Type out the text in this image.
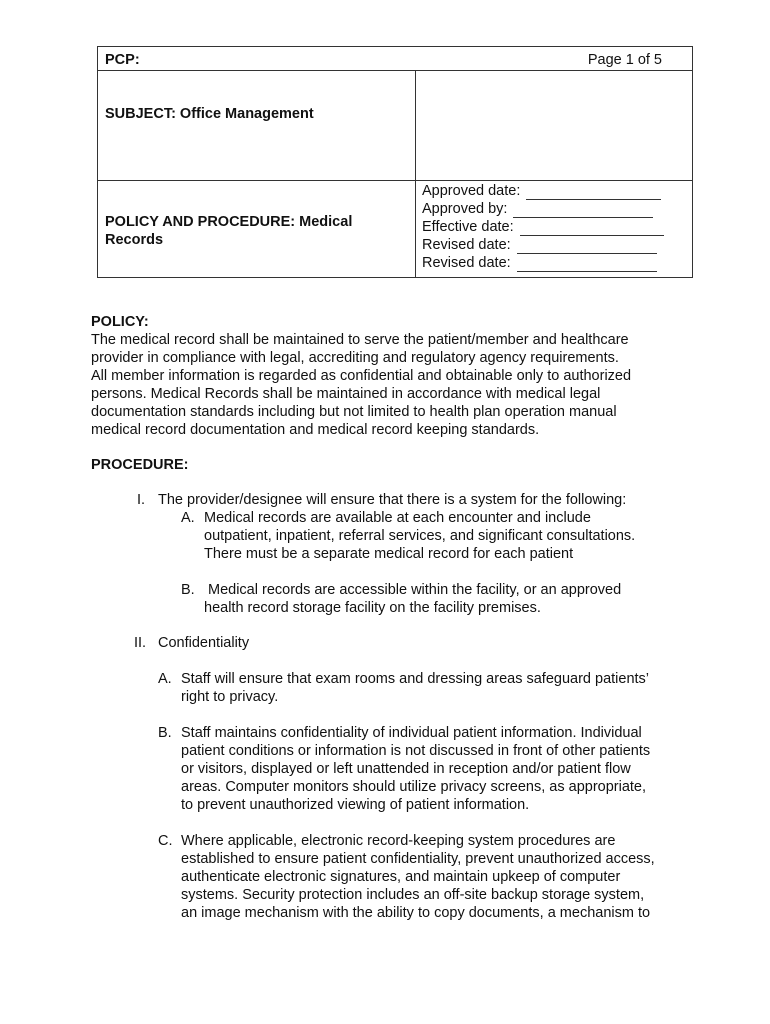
PCP:	Page 1 of 5
SUBJECT: Office Management
POLICY AND PROCEDURE: Medical Records
Approved date:
Approved by:
Effective date:
Revised date:
Revised date:
POLICY:
The medical record shall be maintained to serve the patient/member and healthcare
provider in compliance with legal, accrediting and regulatory agency requirements.
All member information is regarded as confidential and obtainable only to authorized
persons. Medical Records shall be maintained in accordance with medical legal
documentation standards including but not limited to health plan operation manual
medical record documentation and medical record keeping standards.
PROCEDURE:
I. The provider/designee will ensure that there is a system for the following:
A. Medical records are available at each encounter and include
outpatient, inpatient, referral services, and significant consultations.
There must be a separate medical record for each patient
B. Medical records are accessible within the facility, or an approved
health record storage facility on the facility premises.
II. Confidentiality
A. Staff will ensure that exam rooms and dressing areas safeguard patients’
right to privacy.
B. Staff maintains confidentiality of individual patient information. Individual
patient conditions or information is not discussed in front of other patients
or visitors, displayed or left unattended in reception and/or patient flow
areas. Computer monitors should utilize privacy screens, as appropriate,
to prevent unauthorized viewing of patient information.
C. Where applicable, electronic record-keeping system procedures are
established to ensure patient confidentiality, prevent unauthorized access,
authenticate electronic signatures, and maintain upkeep of computer
systems. Security protection includes an off-site backup storage system,
an image mechanism with the ability to copy documents, a mechanism to
